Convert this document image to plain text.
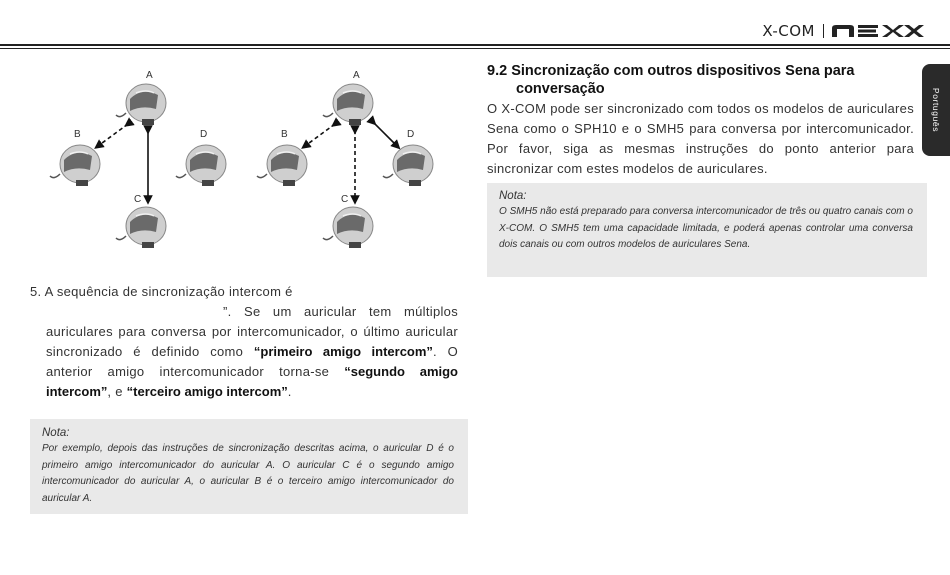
X-COM
Português
A
B	D
C
A
B	D
C
5. A sequência de sincronização intercom é
”. Se um auricular tem múltiplos auriculares para conversa por intercomunicador, o último auricular sincronizado é definido como “primeiro amigo intercom”. O anterior amigo intercomunicador torna-se “segundo amigo intercom”, e “terceiro amigo intercom”.
Nota:

Por exemplo, depois das instruções de sincronização descritas acima, o auricular D é o primeiro amigo intercomunicador do auricular A. O auricular C é o segundo amigo intercomunicador do auricular A, o auricular B é o terceiro amigo intercomunicador do auricular A.

9.2 Sincronização com outros dispositivos Sena para
conversação
O X-COM pode ser sincronizado com todos os modelos de auriculares Sena como o SPH10 e o SMH5 para conversa por intercomunicador. Por favor, siga as mesmas instruções do ponto anterior para sincronizar com estes modelos de auriculares.
Nota:

O SMH5 não está preparado para conversa intercomunicador de três ou quatro canais com o X-COM. O SMH5 tem uma capacidade limitada, e poderá apenas controlar uma conversa dois canais ou com outros modelos de auriculares Sena.
